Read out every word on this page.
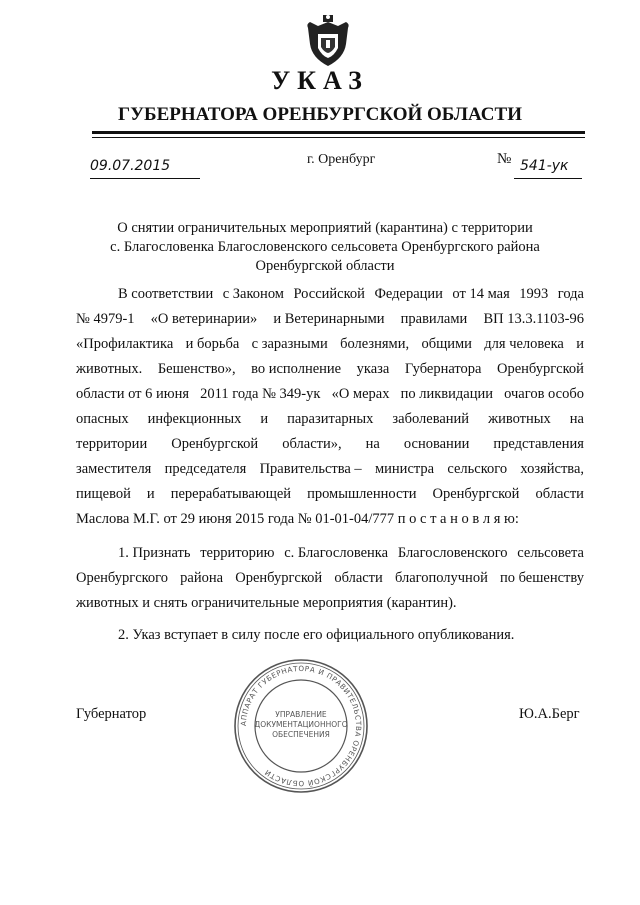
УКАЗ
ГУБЕРНАТОРА ОРЕНБУРГСКОЙ ОБЛАСТИ
09.07.2015	г. Оренбург	№ 541-ук
О снятии ограничительных мероприятий (карантина) с территории
с. Благословенка Благословенского сельсовета Оренбургского района
Оренбургской области
В соответствии с Законом Российской Федерации от 14 мая 1993 года
№ 4979-1 «О ветеринарии» и Ветеринарными правилами ВП 13.3.1103-96
«Профилактика и борьба с заразными болезнями, общими для человека и
животных. Бешенство», во исполнение указа Губернатора Оренбургской
области от 6 июня 2011 года № 349-ук «О мерах по ликвидации очагов особо
опасных инфекционных и паразитарных заболеваний животных на
территории Оренбургской области», на основании представления
заместителя председателя Правительства – министра сельского хозяйства,
пищевой и перерабатывающей промышленности Оренбургской области
Маслова М.Г. от 29 июня 2015 года № 01-01-04/777 п о с т а н о в л я ю:
1. Признать территорию с. Благословенка Благословенского сельсовета
Оренбургского района Оренбургской области благополучной по бешенству
животных и снять ограничительные мероприятия (карантин).
2. Указ вступает в силу после его официального опубликования.
Губернатор	Ю.А.Берг
АППАРАТ ГУБЕРНАТОРА И ПРАВИТЕЛЬСТВА ОРЕНБУРГСКОЙ ОБЛАСТИ
УПРАВЛЕНИЕ
ДОКУМЕНТАЦИОННОГО
ОБЕСПЕЧЕНИЯ
